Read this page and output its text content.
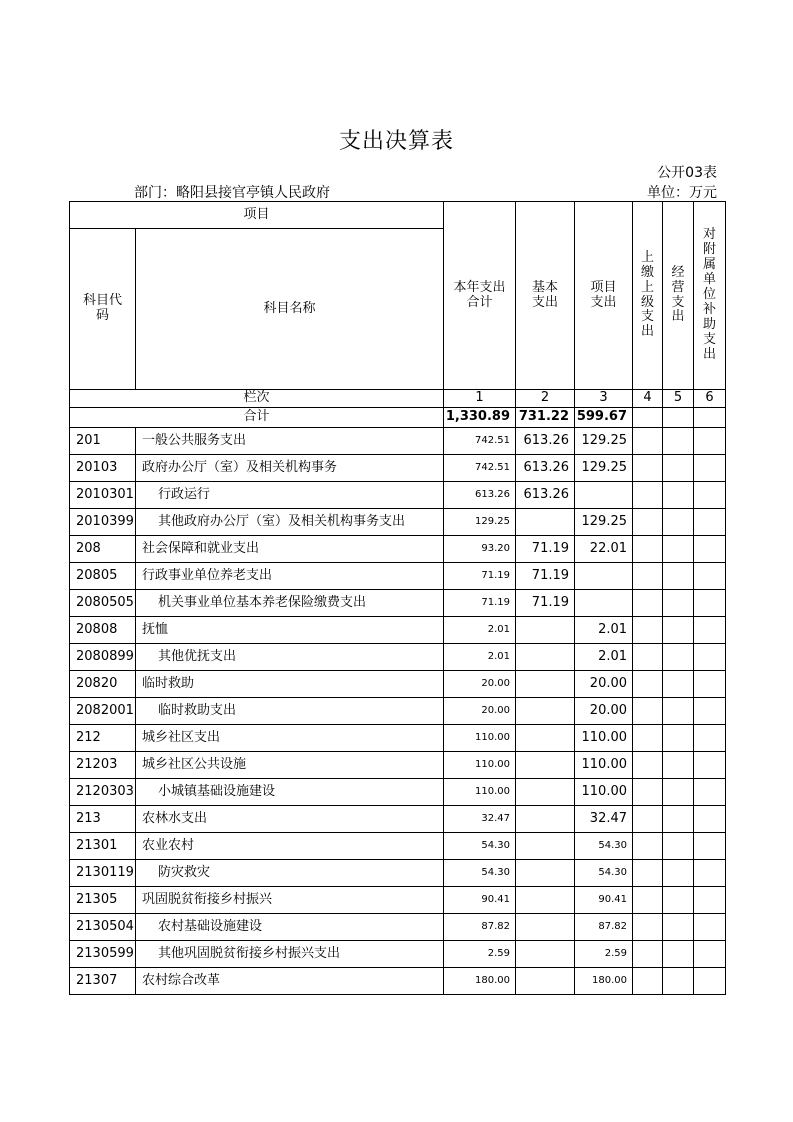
支出决算表
公开03表
部门：略阳县接官亭镇人民政府	单位：万元
项目		本年支出合计	基本支出	项目支出	上缴上级支出	经营支出	对附属单位补助支出

科目代码	科目名称						
栏次		1	2	3	4	5	6
合计		1,330.89	731.22	599.67			
201	一般公共服务支出	742.51	613.26	129.25			
20103	政府办公厅（室）及相关机构事务	742.51	613.26	129.25			
2010301	行政运行	613.26	613.26				
2010399	其他政府办公厅（室）及相关机构事务支出	129.25		129.25			
208	社会保障和就业支出	93.20	71.19	22.01			
20805	行政事业单位养老支出	71.19	71.19				
2080505	机关事业单位基本养老保险缴费支出	71.19	71.19				
20808	抚恤	2.01		2.01			
2080899	其他优抚支出	2.01		2.01			
20820	临时救助	20.00		20.00			
2082001	临时救助支出	20.00		20.00			
212	城乡社区支出	110.00		110.00			
21203	城乡社区公共设施	110.00		110.00			
2120303	小城镇基础设施建设	110.00		110.00			
213	农林水支出	32.47		32.47			
21301	农业农村	54.30		54.30			
2130119	防灾救灾	54.30		54.30			
21305	巩固脱贫衔接乡村振兴	90.41		90.41			
2130504	农村基础设施建设	87.82		87.82			
2130599	其他巩固脱贫衔接乡村振兴支出	2.59		2.59			
21307	农村综合改革	180.00		180.00			
